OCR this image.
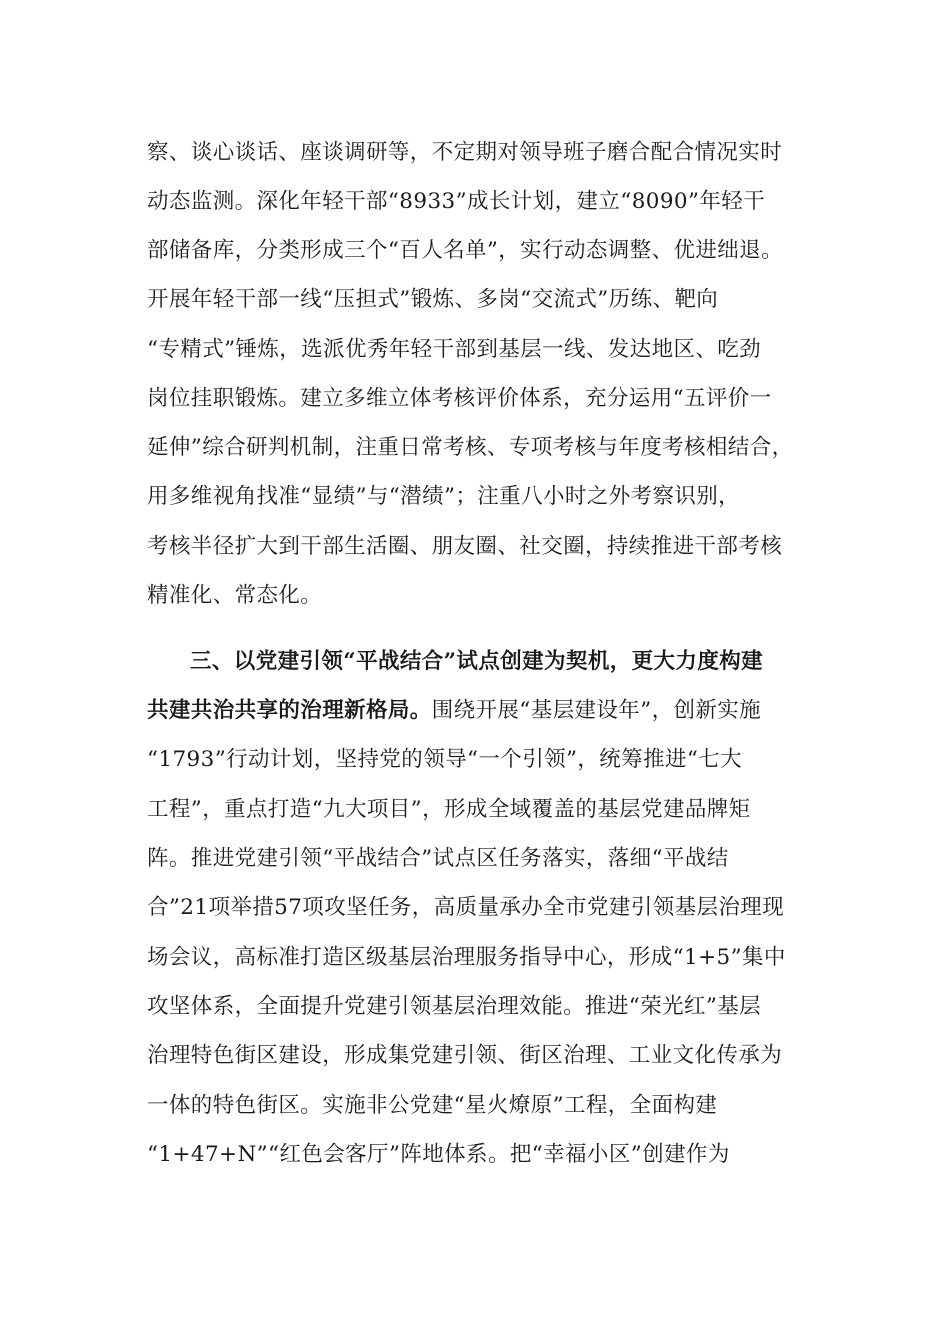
察、谈心谈话、座谈调研等，不定期对领导班子磨合配合情况实时
动态监测。深化年轻干部“8933”成长计划，建立“8090”年轻干
部储备库，分类形成三个“百人名单”，实行动态调整、优进绌退。
开展年轻干部一线“压担式”锻炼、多岗“交流式”历练、靶向
“专精式”锤炼，选派优秀年轻干部到基层一线、发达地区、吃劲
岗位挂职锻炼。建立多维立体考核评价体系，充分运用“五评价一
延伸”综合研判机制，注重日常考核、专项考核与年度考核相结合，
用多维视角找准“显绩”与“潜绩”；注重八小时之外考察识别，
考核半径扩大到干部生活圈、朋友圈、社交圈，持续推进干部考核
精准化、常态化。
三、以党建引领“平战结合”试点创建为契机，更大力度构建
共建共治共享的治理新格局。围绕开展“基层建设年”，创新实施
“1793”行动计划，坚持党的领导“一个引领”，统筹推进“七大
工程”，重点打造“九大项目”，形成全域覆盖的基层党建品牌矩
阵。推进党建引领“平战结合”试点区任务落实，落细“平战结
合”21项举措57项攻坚任务，高质量承办全市党建引领基层治理现
场会议，高标准打造区级基层治理服务指导中心，形成“1+5”集中
攻坚体系，全面提升党建引领基层治理效能。推进“荣光红”基层
治理特色街区建设，形成集党建引领、街区治理、工业文化传承为
一体的特色街区。实施非公党建“星火燎原”工程，全面构建
“1+47+N”“红色会客厅”阵地体系。把“幸福小区”创建作为
